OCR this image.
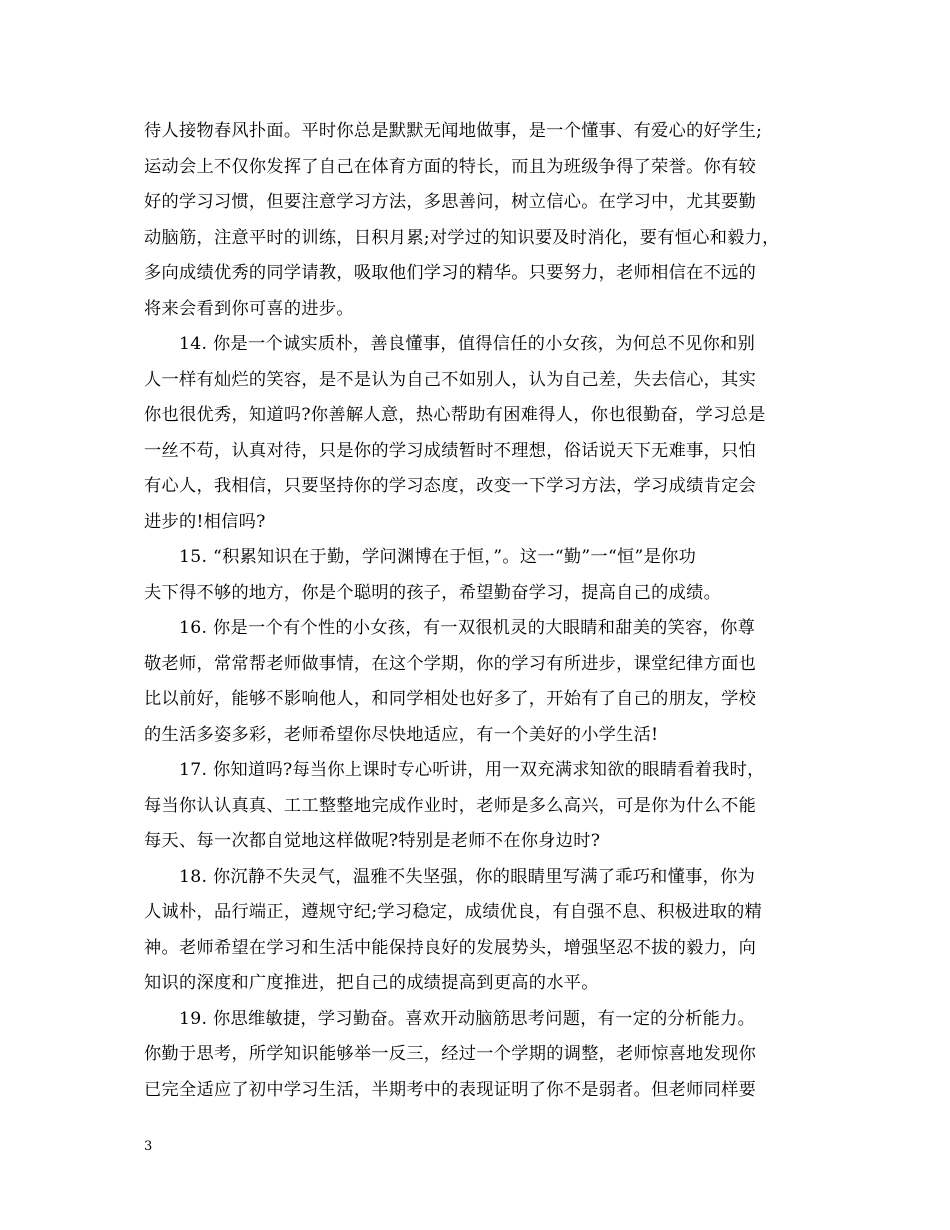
待人接物春风扑面。平时你总是默默无闻地做事，是一个懂事、有爱心的好学生;
运动会上不仅你发挥了自己在体育方面的特长，而且为班级争得了荣誉。你有较
好的学习习惯，但要注意学习方法，多思善问，树立信心。在学习中，尤其要勤
动脑筋，注意平时的训练，日积月累;对学过的知识要及时消化，要有恒心和毅力，
多向成绩优秀的同学请教，吸取他们学习的精华。只要努力，老师相信在不远的
将来会看到你可喜的进步。
14. 你是一个诚实质朴，善良懂事，值得信任的小女孩，为何总不见你和别
人一样有灿烂的笑容，是不是认为自己不如别人，认为自己差，失去信心，其实
你也很优秀，知道吗?你善解人意，热心帮助有困难得人，你也很勤奋，学习总是
一丝不苟，认真对待，只是你的学习成绩暂时不理想，俗话说天下无难事，只怕
有心人，我相信，只要坚持你的学习态度，改变一下学习方法，学习成绩肯定会
进步的!相信吗?
15. “积累知识在于勤，学问渊博在于恒，”。这一“勤”一“恒”是你功
夫下得不够的地方，你是个聪明的孩子，希望勤奋学习，提高自己的成绩。
16. 你是一个有个性的小女孩，有一双很机灵的大眼睛和甜美的笑容，你尊
敬老师，常常帮老师做事情，在这个学期，你的学习有所进步，课堂纪律方面也
比以前好，能够不影响他人，和同学相处也好多了，开始有了自己的朋友，学校
的生活多姿多彩，老师希望你尽快地适应，有一个美好的小学生活!
17. 你知道吗?每当你上课时专心听讲，用一双充满求知欲的眼睛看着我时，
每当你认认真真、工工整整地完成作业时，老师是多么高兴，可是你为什么不能
每天、每一次都自觉地这样做呢?特别是老师不在你身边时?
18. 你沉静不失灵气，温雅不失坚强，你的眼睛里写满了乖巧和懂事，你为
人诚朴，品行端正，遵规守纪;学习稳定，成绩优良，有自强不息、积极进取的精
神。老师希望在学习和生活中能保持良好的发展势头，增强坚忍不拔的毅力，向
知识的深度和广度推进，把自己的成绩提高到更高的水平。
19. 你思维敏捷，学习勤奋。喜欢开动脑筋思考问题，有一定的分析能力。
你勤于思考，所学知识能够举一反三，经过一个学期的调整，老师惊喜地发现你
已完全适应了初中学习生活，半期考中的表现证明了你不是弱者。但老师同样要
3
